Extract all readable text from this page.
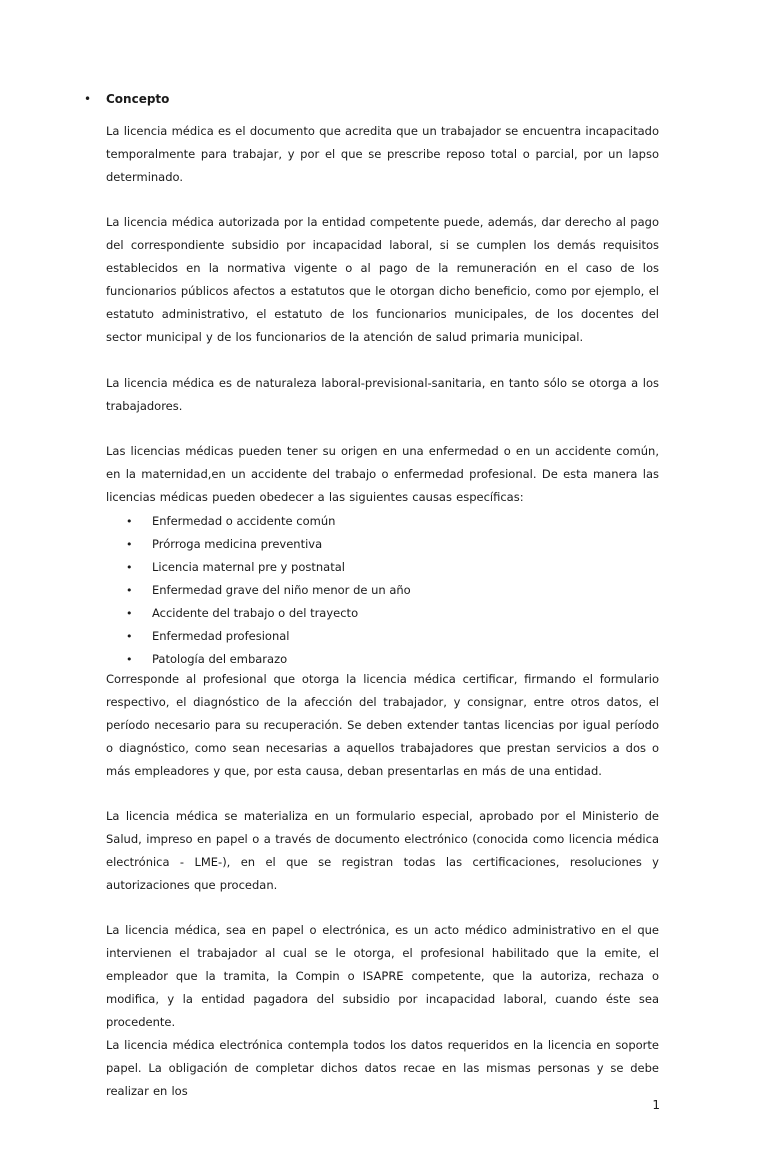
• Concepto

La licencia médica es el documento que acredita que un trabajador se encuentra incapacitado temporalmente para trabajar, y por el que se prescribe reposo total o parcial, por un lapso determinado.

La licencia médica autorizada por la entidad competente puede, además, dar derecho al pago del correspondiente subsidio por incapacidad laboral, si se cumplen los demás requisitos establecidos en la normativa vigente o al pago de la remuneración en el caso de los funcionarios públicos afectos a estatutos que le otorgan dicho beneficio, como por ejemplo, el estatuto administrativo, el estatuto de los funcionarios municipales, de los docentes del sector municipal y de los funcionarios de la atención de salud primaria municipal.

La licencia médica es de naturaleza laboral-previsional-sanitaria, en tanto sólo se otorga a los trabajadores.

Las licencias médicas pueden tener su origen en una enfermedad o en un accidente común, en la maternidad,en un accidente del trabajo o enfermedad profesional. De esta manera las licencias médicas pueden obedecer a las siguientes causas específicas:

• Enfermedad o accidente común
• Prórroga medicina preventiva
• Licencia maternal pre y postnatal
• Enfermedad grave del niño menor de un año
• Accidente del trabajo o del trayecto
• Enfermedad profesional
• Patología del embarazo

Corresponde al profesional que otorga la licencia médica certificar, firmando el formulario respectivo, el diagnóstico de la afección del trabajador, y consignar, entre otros datos, el período necesario para su recuperación. Se deben extender tantas licencias por igual período o diagnóstico, como sean necesarias a aquellos trabajadores que prestan servicios a dos o más empleadores y que, por esta causa, deban presentarlas en más de una entidad.

La licencia médica se materializa en un formulario especial, aprobado por el Ministerio de Salud, impreso en papel o a través de documento electrónico (conocida como licencia médica electrónica - LME-), en el que se registran todas las certificaciones, resoluciones y autorizaciones que procedan.

La licencia médica, sea en papel o electrónica, es un acto médico administrativo en el que intervienen el trabajador al cual se le otorga, el profesional habilitado que la emite, el empleador que la tramita, la Compin o ISAPRE competente, que la autoriza, rechaza o modifica, y la entidad pagadora del subsidio por incapacidad laboral, cuando éste sea procedente.

La licencia médica electrónica contempla todos los datos requeridos en la licencia en soporte papel. La obligación de completar dichos datos recae en las mismas personas y se debe realizar en los

1
